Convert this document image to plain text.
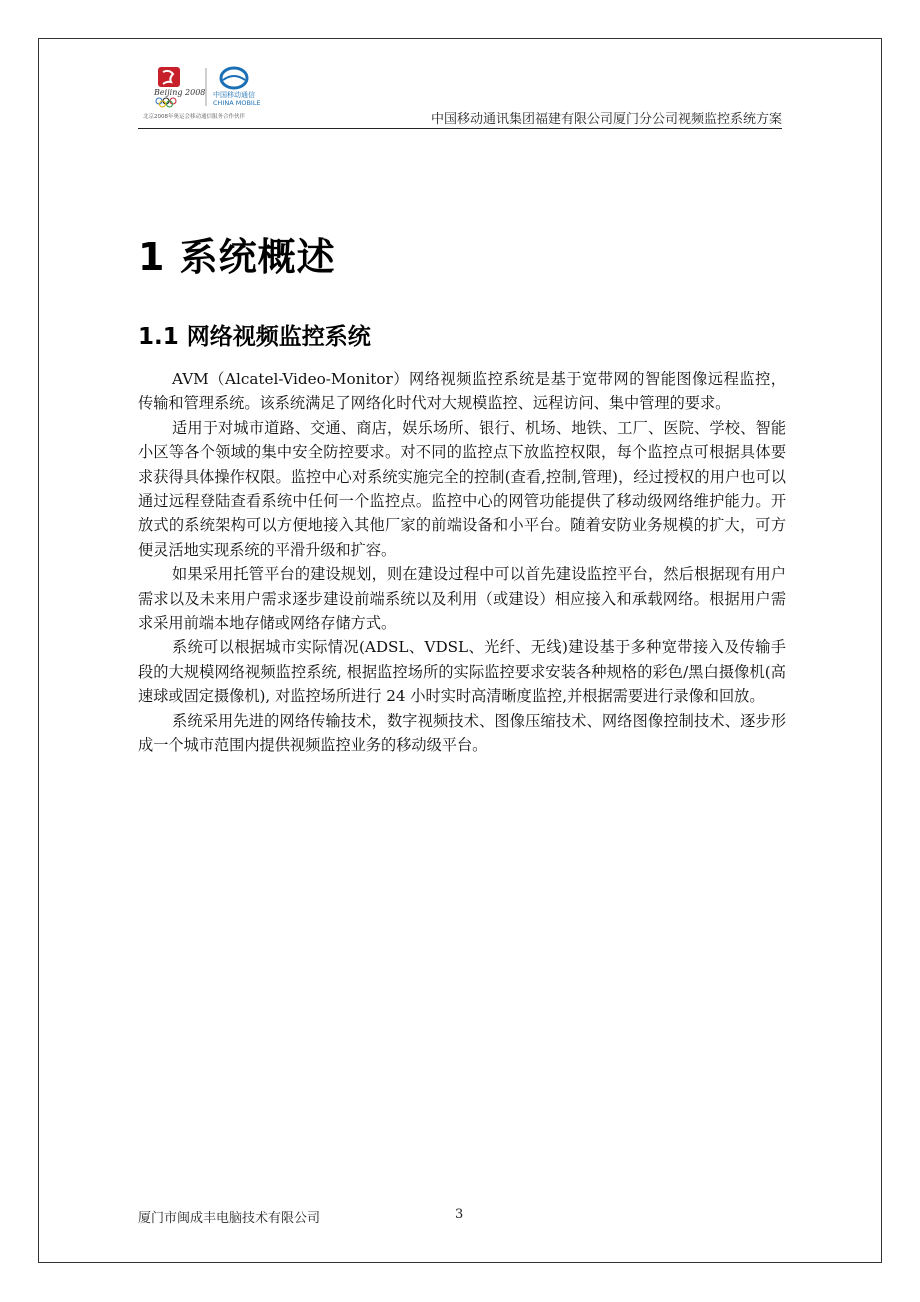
Beijing 2008 中国移动通信
CHINA MOBILE
北京2008年奥运会移动通信服务合作伙伴	中国移动通讯集团福建有限公司厦门分公司视频监控系统方案
1 系统概述
1.1 网络视频监控系统

AVM（Alcatel-Video-Monitor）网络视频监控系统是基于宽带网的智能图像远程监控，传输和管理系统。该系统满足了网络化时代对大规模监控、远程访问、集中管理的要求。

适用于对城市道路、交通、商店，娱乐场所、银行、机场、地铁、工厂、医院、学校、智能小区等各个领域的集中安全防控要求。对不同的监控点下放监控权限，每个监控点可根据具体要求获得具体操作权限。监控中心对系统实施完全的控制(查看,控制,管理)，经过授权的用户也可以通过远程登陆查看系统中任何一个监控点。监控中心的网管功能提供了移动级网络维护能力。开放式的系统架构可以方便地接入其他厂家的前端设备和小平台。随着安防业务规模的扩大，可方便灵活地实现系统的平滑升级和扩容。

如果采用托管平台的建设规划，则在建设过程中可以首先建设监控平台，然后根据现有用户需求以及未来用户需求逐步建设前端系统以及利用（或建设）相应接入和承载网络。根据用户需求采用前端本地存储或网络存储方式。

系统可以根据城市实际情况(ADSL、VDSL、光纤、无线)建设基于多种宽带接入及传输手段的大规模网络视频监控系统, 根据监控场所的实际监控要求安装各种规格的彩色/黑白摄像机(高速球或固定摄像机), 对监控场所进行 24 小时实时高清晰度监控,并根据需要进行录像和回放。

系统采用先进的网络传输技术，数字视频技术、图像压缩技术、网络图像控制技术、逐步形成一个城市范围内提供视频监控业务的移动级平台。

厦门市闽成丰电脑技术有限公司	3
